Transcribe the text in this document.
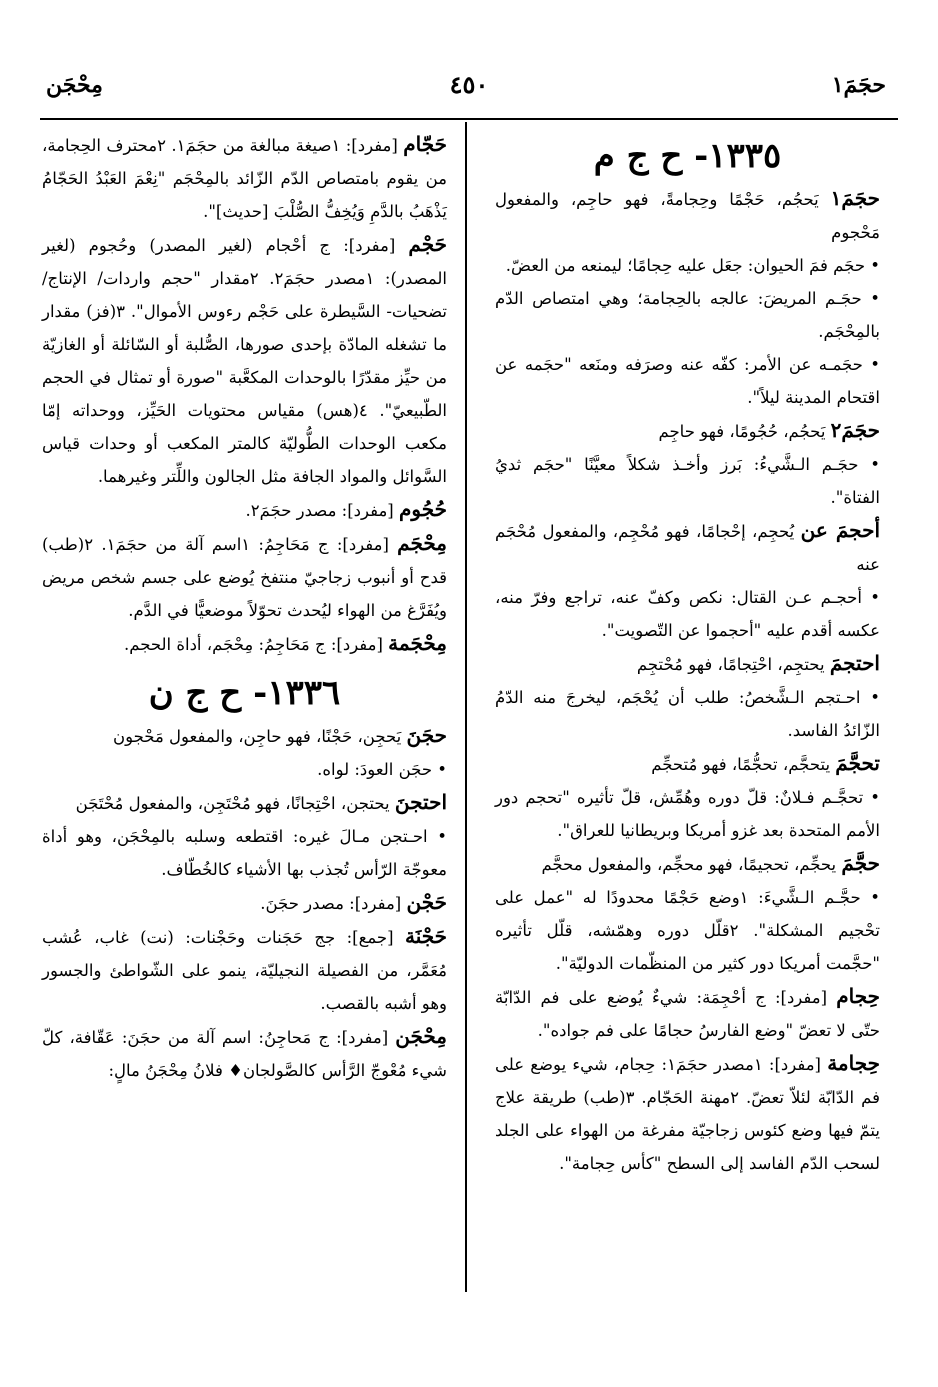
حجَمَ۱
٤٥٠
مِحْجَن
١٣٣٥- ح ج م

حجَمَ۱ يَحجُم، حَجْمًا وحِجامةً، فهو حاجِم، والمفعول مَحْجوم

• حجَم فمَ الحيوان: جعَل عليه حِجامًا؛ ليمنعه من العضّ.

• حجَـم المريضَ: عالجه بالحِجامة؛ وهي امتصاص الدّم بالمِحْجَم.

• حجَمـه عن الأمر: كفّه عنه وصرَفه ومنَعه "حجَمه عن اقتحام المدينة ليلاً".

حجَمَ۲ يَحجُم، حُجُومًا، فهو حاجِم

• حجَـم الـشَّيءُ: بَرز وأخـذ شكلاً معيَّنًا "حجَم ثديُ الفتاة".

أحجمَ عن يُحجِم، إحْجامًا، فهو مُحْجِم، والمفعول مُحْجَم عنه

• أحجـم عـن القتال: نكص وكفّ عنه، تراجع وفرّ منه، عكسه أقدم عليه "أحجموا عن التّصويت".

احتجمَ يحتجِم، احْتِجامًا، فهو مُحْتجِم

• احـتجم الـشَّخصُ: طلب أن يُحْجَم، ليخرجَ منه الدّمُ الزّائدُ الفاسد.

تحجَّمَ يتحجَّم، تحجُّمًا، فهو مُتحجِّم

• تحجَّـم فـلانٌ: قلّ دوره وهُمِّش، قلّ تأثيره "تحجم دور الأمم المتحدة بعد غزو أمريكا وبريطانيا للعراق".

حجَّمَ يحجِّم، تحجيمًا، فهو محجِّم، والمفعول محجَّم

• حجَّـم الـشَّيءَ: ١وضع حَجْمًا محدودًا له "عمل على تحْجيم المشكلة". ٢قلّل دوره وهمّشه، قلّل تأثيره "حجَّمت أمريكا دور كثير من المنظّمات الدوليّة".

حِجام [مفرد]: ج أحْجِمَة: شيءٌ يُوضع على فم الدّابّة حتّى لا تعضّ "وضع الفارسُ حجامًا على فم جواده".

حِجامة [مفرد]: ١مصدر حجَمَ۱: حِجام، شيء يوضع على فم الدّابّة لئلاّ تعضّ. ٢مهنة الحَجّام. ٣(طب) طريقة علاج يتمّ فيها وضع كئوس زجاجيّة مفرغة من الهواء على الجلد لسحب الدّم الفاسد إلى السطح "كأس حِجامة".

حَجّام [مفرد]: ١صيغة مبالغة من حجَمَ۱. ٢محترف الحِجامة، من يقوم بامتصاص الدّم الزّائد بالمِحْجَم "نِعْمَ العَبْدُ الحَجّامُ يَذْهَبُ بالدَّمِ وَيُخِفُّ الصُّلْبَ [حديث]".

حَجْم [مفرد]: ج أحْجام (لغير المصدر) وحُجوم (لغير المصدر): ١مصدر حجَمَ۲. ٢مقدار "حجم واردات/ الإنتاج/ تضحيات- السَّيطرة على حَجْم رءوس الأموال". ٣(فز) مقدار ما تشغله المادّة بإحدى صورها، الصُّلبة أو السّائلة أو الغازيّة من حيِّز مقدّرًا بالوحدات المكعَّبة "صورة أو تمثال في الحجم الطّبيعيّ". ٤(هس) مقياس محتويات الحَيِّز، ووحداته إمّا مكعب الوحدات الطُّوليّة كالمتر المكعب أو وحدات قياس السَّوائل والمواد الجافة مثل الجالون واللِّتر وغيرهما.

حُجُوم [مفرد]: مصدر حجَمَ۲.

مِحْجَم [مفرد]: ج مَحَاجِمُ: ١اسم آلة من حجَمَ۱. ٢(طب) قدح أو أنبوب زجاجيّ منتفخ يُوضع على جسم شخص مريض ويُفَرَّغ من الهواء ليُحدث تحوّلاً موضعيًّا في الدَّم.

مِحْجَمة [مفرد]: ج مَحَاجِمُ: مِحْجَم، أداة الحجم.

١٣٣٦- ح ج ن

حجَنَ يَحجِن، حَجْنًا، فهو حاجِن، والمفعول مَحْجون

• حجَن العودَ: لواه.

احتجنَ يحتجن، احْتِجانًا، فهو مُحْتَجِن، والمفعول مُحْتَجَن

• احـتجن مـالَ غيره: اقتطعه وسلبه بالمِحْجَن، وهو أداة معوجّة الرّأس تُجذب بها الأشياء كالخُطّاف.

حَجْن [مفرد]: مصدر حجَنَ.

حَجْنَة [جمع]: جج حَجَنات وحَجْنات: (نت) غاب، عُشب مُعَمَّر، من الفصيلة النجيليّة، ينمو على الشّواطئ والجسور وهو أشبه بالقصب.

مِحْجَن [مفرد]: ج مَحاجِنُ: اسم آلة من حجَنَ: عَقّافة، كلّ شيء مُعْوجّ الرَّأس كالصَّولجان♦ فلانُ مِحْجَنُ مالٍ:
